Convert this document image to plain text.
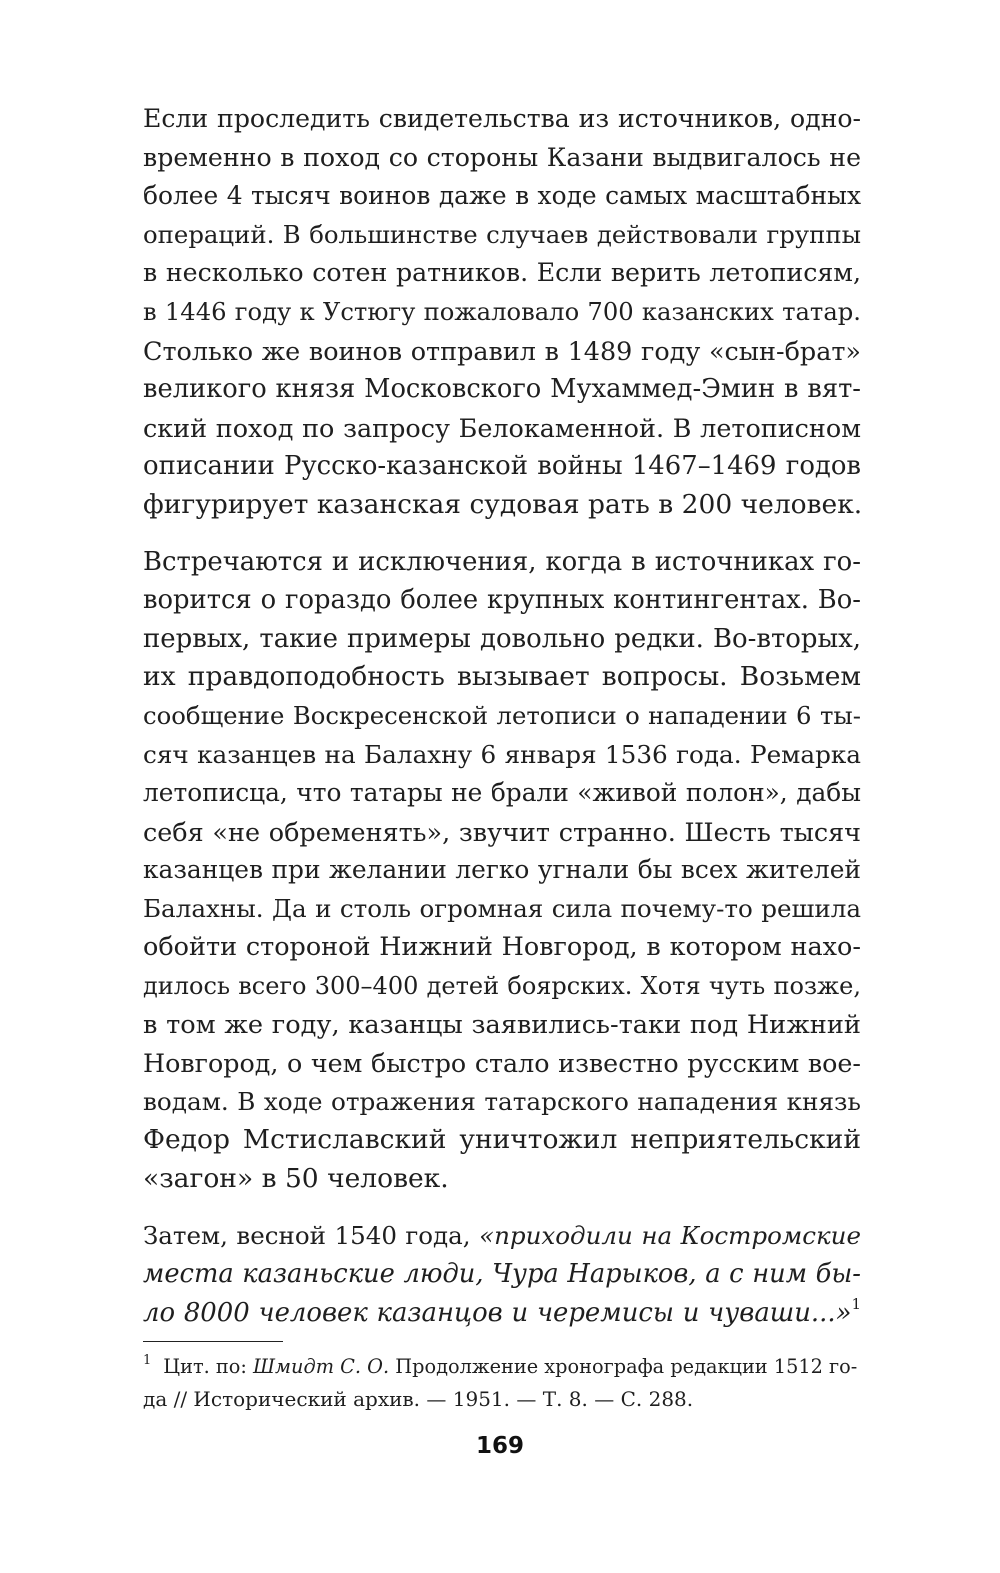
Если проследить свидетельства из источников, одно-
временно в поход со стороны Казани выдвигалось не
более 4 тысяч воинов даже в ходе самых масштабных
операций. В большинстве случаев действовали группы
в несколько сотен ратников. Если верить летописям,
в 1446 году к Устюгу пожаловало 700 казанских татар.
Столько же воинов отправил в 1489 году «сын-брат»
великого князя Московского Мухаммед-Эмин в вят-
ский поход по запросу Белокаменной. В летописном
описании Русско-казанской войны 1467–1469 годов
фигурирует казанская судовая рать в 200 человек.

Встречаются и исключения, когда в источниках го-
ворится о гораздо более крупных контингентах. Во-
первых, такие примеры довольно редки. Во-вторых,
их правдоподобность вызывает вопросы. Возьмем
сообщение Воскресенской летописи о нападении 6 ты-
сяч казанцев на Балахну 6 января 1536 года. Ремарка
летописца, что татары не брали «живой полон», дабы
себя «не обременять», звучит странно. Шесть тысяч
казанцев при желании легко угнали бы всех жителей
Балахны. Да и столь огромная сила почему-то решила
обойти стороной Нижний Новгород, в котором нахо-
дилось всего 300–400 детей боярских. Хотя чуть позже,
в том же году, казанцы заявились-таки под Нижний
Новгород, о чем быстро стало известно русским вое-
водам. В ходе отражения татарского нападения князь
Федор Мстиславский уничтожил неприятельский
«загон» в 50 человек.

Затем, весной 1540 года, «приходили на Костромские
места казаньские люди, Чура Нарыков, а с ним бы-
ло 8000 человек казанцов и черемисы и чуваши...»$^1$

$^1$ Цит. по: Шмидт С. О. Продолжение хронографа редакции 1512 го-
да // Исторический архив. — 1951. — Т. 8. — С. 288.
169
